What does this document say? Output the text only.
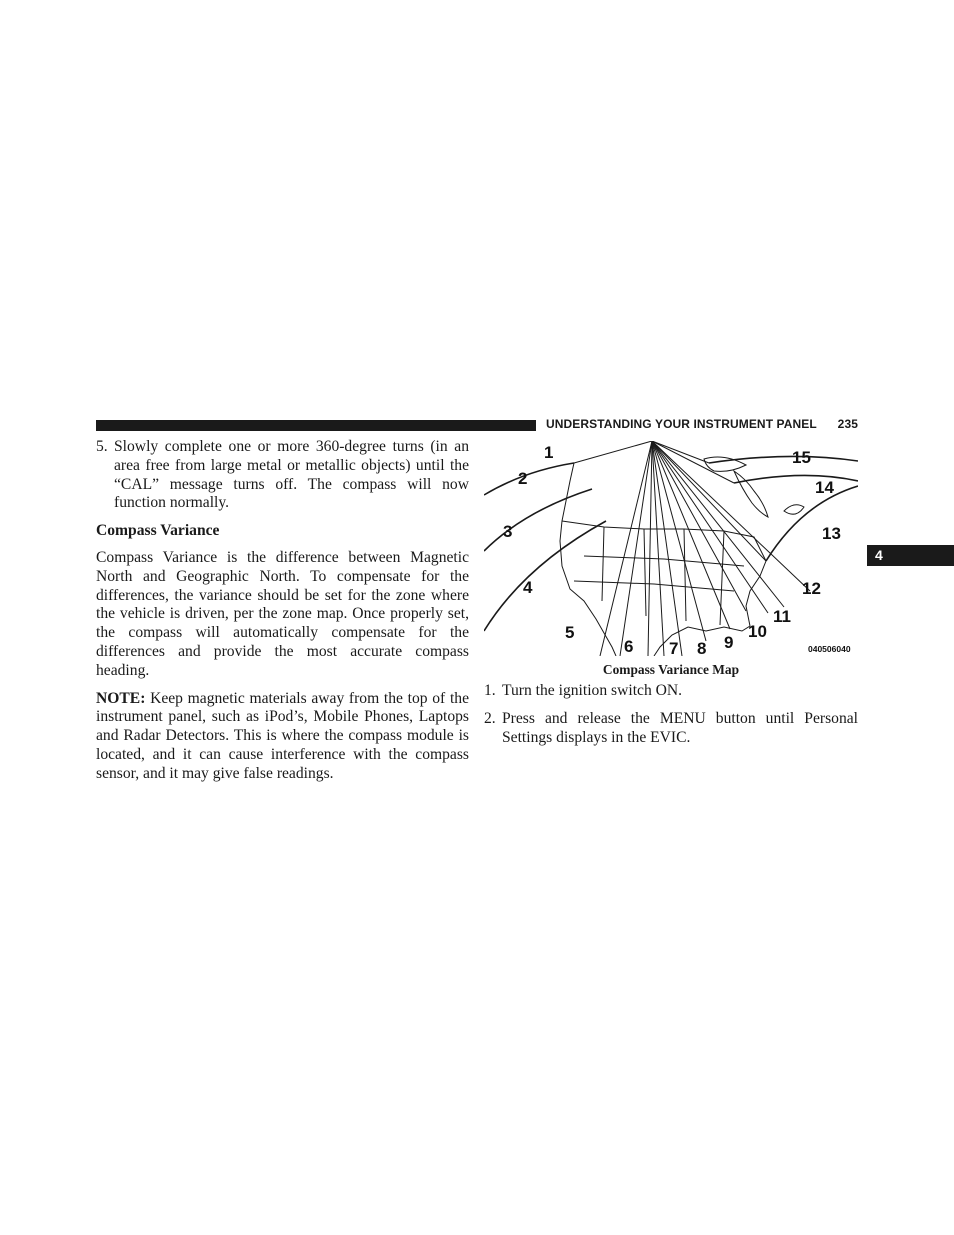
UNDERSTANDING YOUR INSTRUMENT PANEL 235
4
5. Slowly complete one or more 360-degree turns (in an area free from large metal or metallic objects) until the “CAL” message turns off. The compass will now function normally.

Compass Variance

Compass Variance is the difference between Magnetic North and Geographic North. To compensate for the differences, the variance should be set for the zone where the vehicle is driven, per the zone map. Once properly set, the compass will automatically compensate for the differences and provide the most accurate compass heading.

NOTE: Keep magnetic materials away from the top of the instrument panel, such as iPod’s, Mobile Phones, Laptops and Radar Detectors. This is where the compass module is located, and it can cause interference with the compass sensor, and it may give false readings.

1
2
3
4
5
6 7 8 9
10
11
12
13
14
15
040506040
Compass Variance Map
1. Turn the ignition switch ON.
2. Press and release the MENU button until Personal Settings displays in the EVIC.
